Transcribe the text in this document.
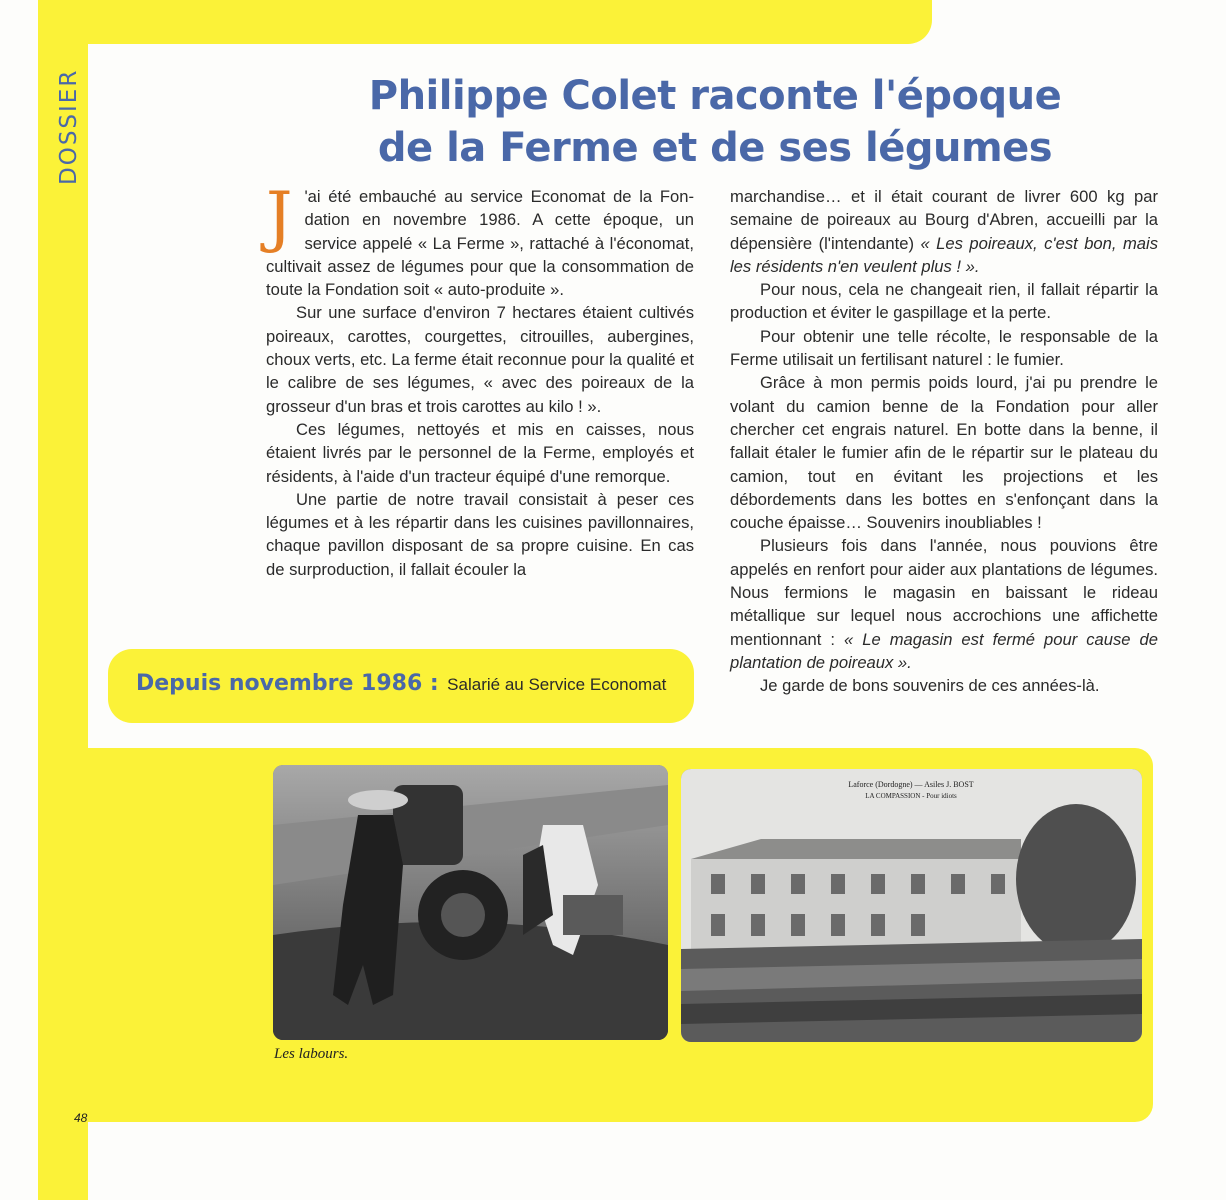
DOSSIER	Philippe Colet raconte l'époque
de la Ferme et de ses légumes

J 'ai été embauché au service Economat de la Fondation en novembre 1986. A cette époque, un service appelé « La Ferme », rattaché à l'économat, cultivait assez de légumes pour que la consommation de toute la Fondation soit « auto-produite ».

Sur une surface d'environ 7 hectares étaient cultivés poireaux, carottes, courgettes, citrouilles, aubergines, choux verts, etc. La ferme était reconnue pour la qualité et le calibre de ses légumes, « avec des poireaux de la grosseur d'un bras et trois carottes au kilo ! ».

Ces légumes, nettoyés et mis en caisses, nous étaient livrés par le personnel de la Ferme, employés et résidents, à l'aide d'un tracteur équipé d'une remorque.

Une partie de notre travail consistait à peser ces légumes et à les répartir dans les cuisines pavillonnaires, chaque pavillon disposant de sa propre cuisine. En cas de surproduction, il fallait écouler la

marchandise… et il était courant de livrer 600 kg par semaine de poireaux au Bourg d'Abren, accueilli par la dépensière (l'intendante) « Les poireaux, c'est bon, mais les résidents n'en veulent plus ! ».

Pour nous, cela ne changeait rien, il fallait répartir la production et éviter le gaspillage et la perte.

Pour obtenir une telle récolte, le responsable de la Ferme utilisait un fertilisant naturel : le fumier.

Grâce à mon permis poids lourd, j'ai pu prendre le volant du camion benne de la Fondation pour aller chercher cet engrais naturel. En botte dans la benne, il fallait étaler le fumier afin de le répartir sur le plateau du camion, tout en évitant les projections et les débordements dans les bottes en s'enfonçant dans la couche épaisse… Souvenirs inoubliables !

Plusieurs fois dans l'année, nous pouvions être appelés en renfort pour aider aux plantations de légumes. Nous fermions le magasin en baissant le rideau métallique sur lequel nous accrochions une affichette mentionnant : « Le magasin est fermé pour cause de plantation de poireaux ».

Je garde de bons souvenirs de ces années-là.

Depuis novembre 1986 : Salarié au Service Economat
Laforce (Dordogne) — Asiles J. BOST
LA COMPASSION - Pour idiots
Les labours.
48
